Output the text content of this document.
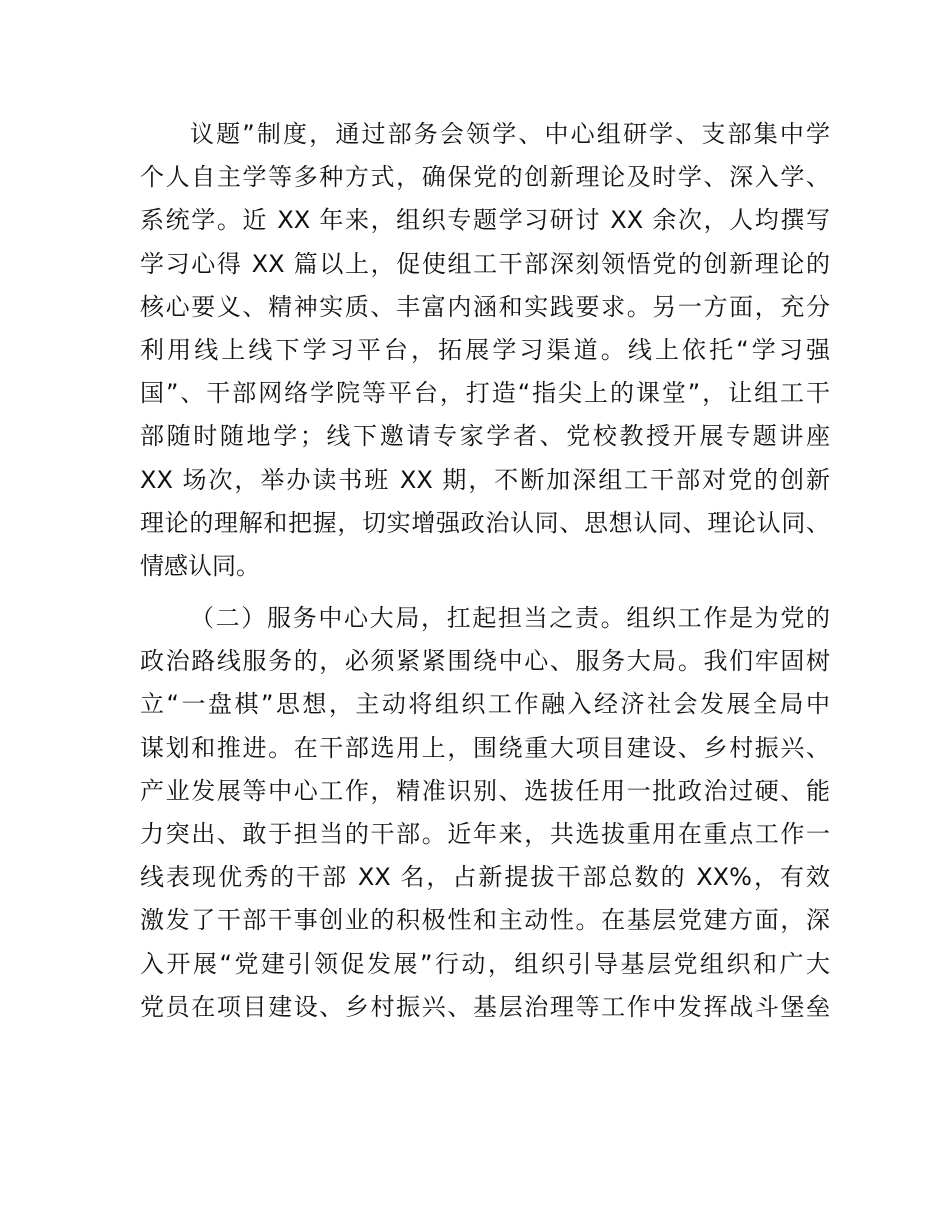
议题”制度，通过部务会领学、中心组研学、支部集中学
个人自主学等多种方式，确保党的创新理论及时学、深入学、
系统学。近 XX 年来，组织专题学习研讨 XX 余次，人均撰写
学习心得 XX 篇以上，促使组工干部深刻领悟党的创新理论的
核心要义、精神实质、丰富内涵和实践要求。另一方面，充分
利用线上线下学习平台，拓展学习渠道。线上依托“学习强
国”、干部网络学院等平台，打造“指尖上的课堂”，让组工干
部随时随地学；线下邀请专家学者、党校教授开展专题讲座
XX 场次，举办读书班 XX 期，不断加深组工干部对党的创新
理论的理解和把握，切实增强政治认同、思想认同、理论认同、
情感认同。
（二）服务中心大局，扛起担当之责。组织工作是为党的
政治路线服务的，必须紧紧围绕中心、服务大局。我们牢固树
立“一盘棋”思想，主动将组织工作融入经济社会发展全局中
谋划和推进。在干部选用上，围绕重大项目建设、乡村振兴、
产业发展等中心工作，精准识别、选拔任用一批政治过硬、能
力突出、敢于担当的干部。近年来，共选拔重用在重点工作一
线表现优秀的干部 XX 名，占新提拔干部总数的 XX%，有效
激发了干部干事创业的积极性和主动性。在基层党建方面，深
入开展“党建引领促发展”行动，组织引导基层党组织和广大
党员在项目建设、乡村振兴、基层治理等工作中发挥战斗堡垒
